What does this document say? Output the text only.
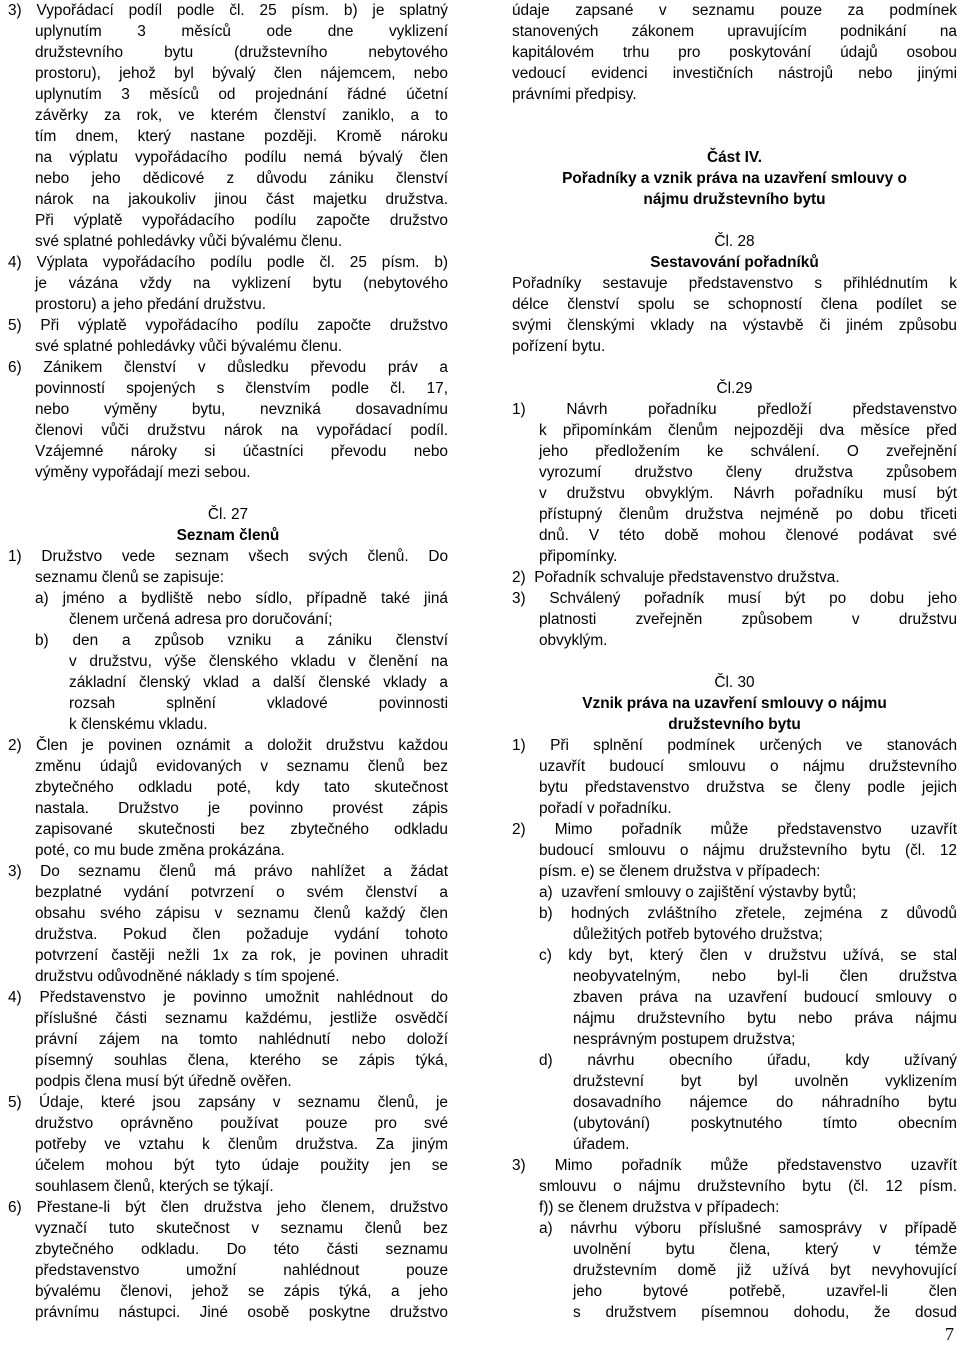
3) Vypořádací podíl podle čl. 25 písm. b) je splatný
uplynutím 3 měsíců ode dne vyklizení
družstevního bytu (družstevního nebytového
prostoru), jehož byl bývalý člen nájemcem, nebo
uplynutím 3 měsíců od projednání řádné účetní
závěrky za rok, ve kterém členství zaniklo, a to
tím dnem, který nastane později. Kromě nároku
na výplatu vypořádacího podílu nemá bývalý člen
nebo jeho dědicové z důvodu zániku členství
nárok na jakoukoliv jinou část majetku družstva.
Při výplatě vypořádacího podílu započte družstvo
své splatné pohledávky vůči bývalému členu.
4) Výplata vypořádacího podílu podle čl. 25 písm. b)
je vázána vždy na vyklizení bytu (nebytového
prostoru) a jeho předání družstvu.
5) Při výplatě vypořádacího podílu započte družstvo
své splatné pohledávky vůči bývalému členu.
6) Zánikem členství v důsledku převodu práv a
povinností spojených s členstvím podle čl. 17,
nebo výměny bytu, nevzniká dosavadnímu
členovi vůči družstvu nárok na vypořádací podíl.
Vzájemné nároky si účastníci převodu nebo
výměny vypořádají mezi sebou.
Čl. 27
Seznam členů
1) Družstvo vede seznam všech svých členů. Do
seznamu členů se zapisuje:
a) jméno a bydliště nebo sídlo, případně také jiná
členem určená adresa pro doručování;
b) den a způsob vzniku a zániku členství
v družstvu, výše členského vkladu v členění na
základní členský vklad a další členské vklady a
rozsah splnění vkladové povinnosti
k členskému vkladu.
2) Člen je povinen oznámit a doložit družstvu každou
změnu údajů evidovaných v seznamu členů bez
zbytečného odkladu poté, kdy tato skutečnost
nastala. Družstvo je povinno provést zápis
zapisované skutečnosti bez zbytečného odkladu
poté, co mu bude změna prokázána.
3) Do seznamu členů má právo nahlížet a žádat
bezplatné vydání potvrzení o svém členství a
obsahu svého zápisu v seznamu členů každý člen
družstva. Pokud člen požaduje vydání tohoto
potvrzení častěji nežli 1x za rok, je povinen uhradit
družstvu odůvodněné náklady s tím spojené.
4) Představenstvo je povinno umožnit nahlédnout do
příslušné části seznamu každému, jestliže osvědčí
právní zájem na tomto nahlédnutí nebo doloží
písemný souhlas člena, kterého se zápis týká,
podpis člena musí být úředně ověřen.
5) Údaje, které jsou zapsány v seznamu členů, je
družstvo oprávněno používat pouze pro své
potřeby ve vztahu k členům družstva. Za jiným
účelem mohou být tyto údaje použity jen se
souhlasem členů, kterých se týkají.
6) Přestane-li být člen družstva jeho členem, družstvo
vyznačí tuto skutečnost v seznamu členů bez
zbytečného odkladu. Do této části seznamu
představenstvo umožní nahlédnout pouze
bývalému členovi, jehož se zápis týká, a jeho
právnímu nástupci. Jiné osobě poskytne družstvo
údaje zapsané v seznamu pouze za podmínek
stanovených zákonem upravujícím podnikání na
kapitálovém trhu pro poskytování údajů osobou
vedoucí evidenci investičních nástrojů nebo jinými
právními předpisy.
Část IV.
Pořadníky a vznik práva na uzavření smlouvy o
nájmu družstevního bytu
Čl. 28
Sestavování pořadníků
Pořadníky sestavuje představenstvo s přihlédnutím k
délce členství spolu se schopností člena podílet se
svými členskými vklady na výstavbě či jiném způsobu
pořízení bytu.
Čl.29
1) Návrh pořadníku předloží představenstvo
k připomínkám členům nejpozději dva měsíce před
jeho předložením ke schválení. O zveřejnění
vyrozumí družstvo členy družstva způsobem
v družstvu obvyklým. Návrh pořadníku musí být
přístupný členům družstva nejméně po dobu třiceti
dnů. V této době mohou členové podávat své
připomínky.
2)  Pořadník schvaluje představenstvo družstva.
3) Schválený pořadník musí být po dobu jeho
platnosti zveřejněn způsobem v družstvu
obvyklým.
Čl. 30
Vznik práva na uzavření smlouvy o nájmu
družstevního bytu
1) Při splnění podmínek určených ve stanovách
uzavřít budoucí smlouvu o nájmu družstevního
bytu představenstvo družstva se členy podle jejich
pořadí v pořadníku.
2) Mimo pořadník může představenstvo uzavřít
budoucí smlouvu o nájmu družstevního bytu (čl. 12
písm. e) se členem družstva v případech:
a)  uzavření smlouvy o zajištění výstavby bytů;
b) hodných zvláštního zřetele, zejména z důvodů
důležitých potřeb bytového družstva;
c) kdy byt, který člen v družstvu užívá, se stal
neobyvatelným, nebo byl-li člen družstva
zbaven práva na uzavření budoucí smlouvy o
nájmu družstevního bytu nebo práva nájmu
nesprávným postupem družstva;
d) návrhu obecního úřadu, kdy užívaný
družstevní byt byl uvolněn vyklizením
dosavadního nájemce do náhradního bytu
(ubytování) poskytnutého tímto obecním
úřadem.
3) Mimo pořadník může představenstvo uzavřít
smlouvu o nájmu družstevního bytu (čl. 12 písm.
f)) se členem družstva v případech:
a) návrhu výboru příslušné samosprávy v případě
uvolnění bytu člena, který v témže
družstevním domě již užívá byt nevyhovující
jeho bytové potřebě, uzavřel-li člen
s družstvem písemnou dohodu, že dosud
7
